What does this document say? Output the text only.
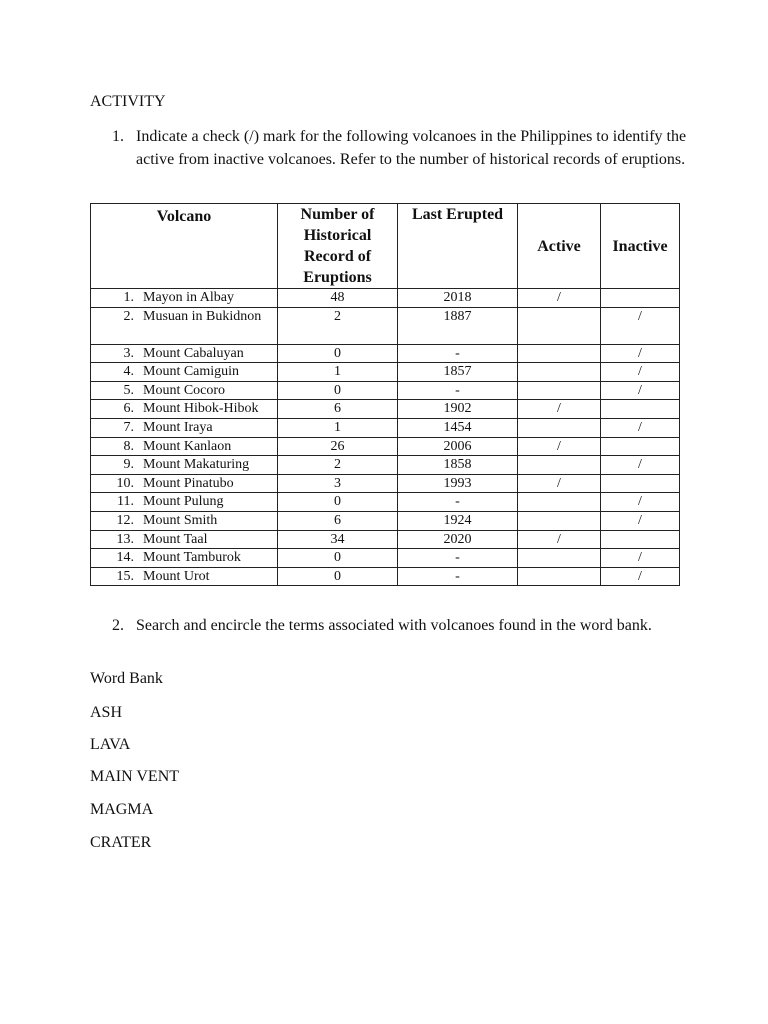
ACTIVITY
1. Indicate a check (/) mark for the following volcanoes in the Philippines to identify the active from inactive volcanoes. Refer to the number of historical records of eruptions.
Volcano	Number of Historical Record of Eruptions	Last Erupted	Active	Inactive

1. Mayon in Albay	48	2018	/	

2. Musuan in Bukidnon	2	1887		/

3. Mount Cabaluyan	0	-		/

4. Mount Camiguin	1	1857		/

5. Mount Cocoro	0	-		/

6. Mount Hibok-Hibok	6	1902	/	

7. Mount Iraya	1	1454		/

8. Mount Kanlaon	26	2006	/	

9. Mount Makaturing	2	1858		/

10. Mount Pinatubo	3	1993	/	

11. Mount Pulung	0	-		/

12. Mount Smith	6	1924		/

13. Mount Taal	34	2020	/	

14. Mount Tamburok	0	-		/

15. Mount Urot	0	-		/
2. Search and encircle the terms associated with volcanoes found in the word bank.
Word Bank
ASH
LAVA
MAIN VENT
MAGMA
CRATER
